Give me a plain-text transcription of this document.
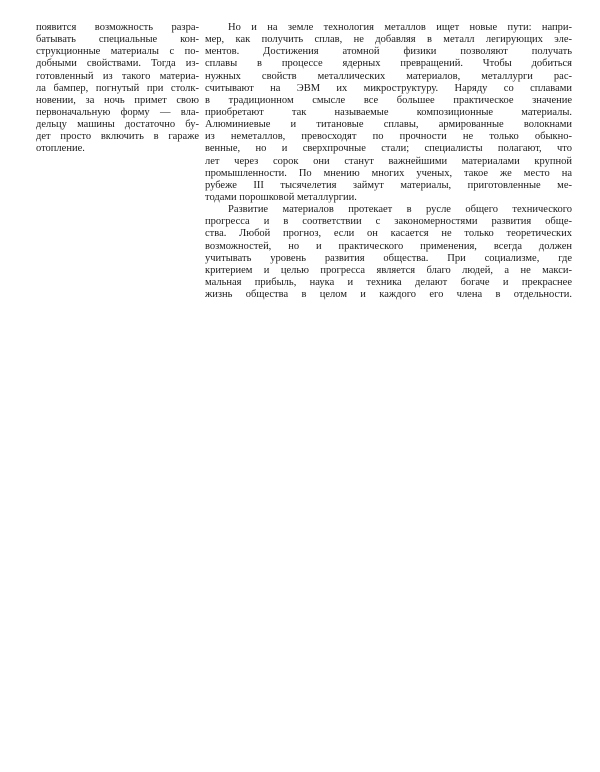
появится возможность разра-
батывать специальные кон-
струкционные материалы с по-
добными свойствами. Тогда из-
готовленный из такого материа-
ла бампер, погнутый при столк-
новении, за ночь примет свою
первоначальную форму — вла-
дельцу машины достаточно бу-
дет просто включить в гараже
отопление.
Но и на земле технология металлов ищет новые пути: напри-
мер, как получить сплав, не добавляя в металл легирующих эле-
ментов. Достижения атомной физики позволяют получать
сплавы в процессе ядерных превращений. Чтобы добиться
нужных свойств металлических материалов, металлурги рас-
считывают на ЭВМ их микроструктуру. Наряду со сплавами
в традиционном смысле все большее практическое значение
приобретают так называемые композиционные материалы.
Алюминиевые и титановые сплавы, армированные волокнами
из неметаллов, превосходят по прочности не только обыкно-
венные, но и сверхпрочные стали; специалисты полагают, что
лет через сорок они станут важнейшими материалами крупной
промышленности. По мнению многих ученых, такое же место на
рубеже III тысячелетия займут материалы, приготовленные ме-
тодами порошковой металлургии.
Развитие материалов протекает в русле общего технического
прогресса и в соответствии с закономерностями развития обще-
ства. Любой прогноз, если он касается не только теоретических
возможностей, но и практического применения, всегда должен
учитывать уровень развития общества. При социализме, где
критерием и целью прогресса является благо людей, а не макси-
мальная прибыль, наука и техника делают богаче и прекраснее
жизнь общества в целом и каждого его члена в отдельности.
